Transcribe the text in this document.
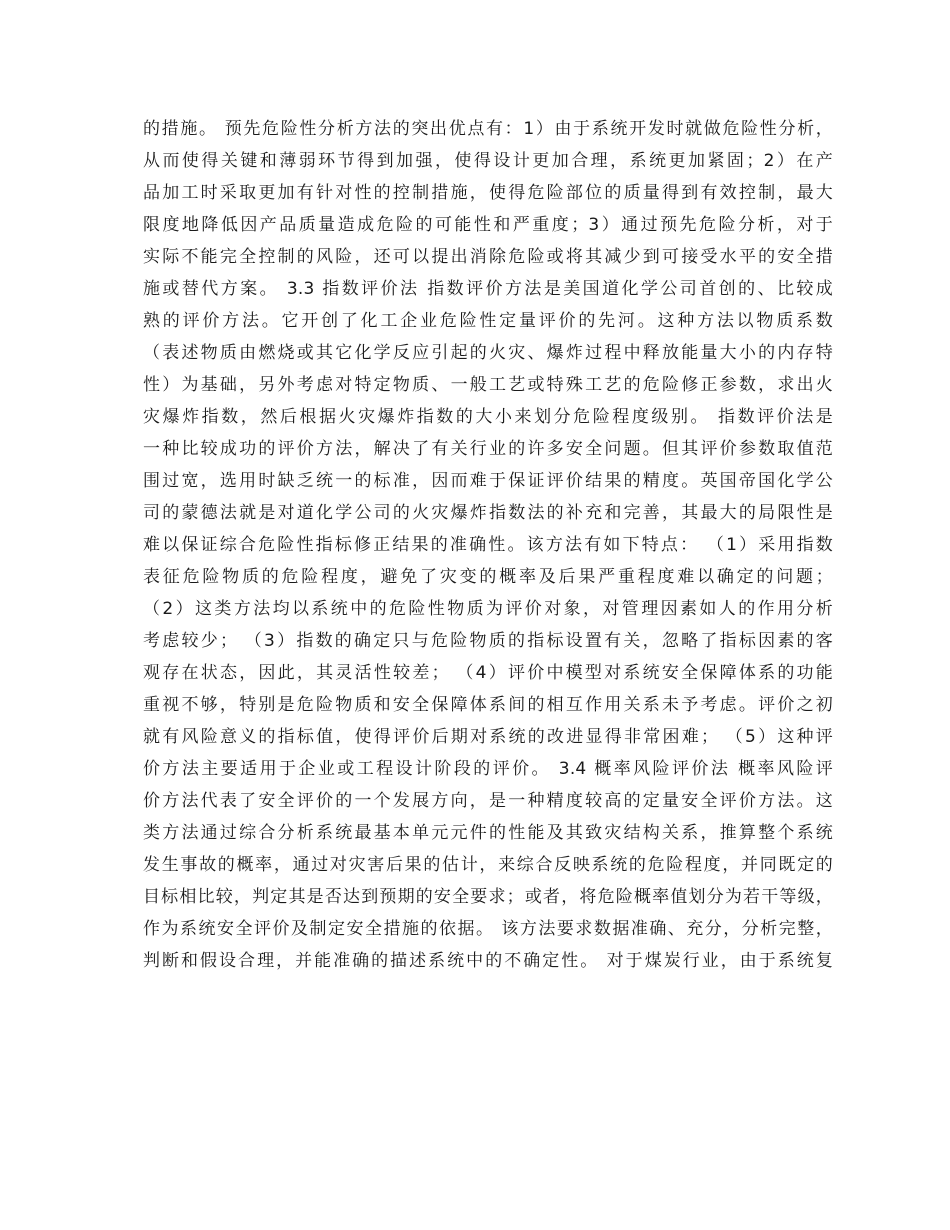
的措施。 预先危险性分析方法的突出优点有：1）由于系统开发时就做危险性分析，
从而使得关键和薄弱环节得到加强，使得设计更加合理，系统更加紧固；2）在产
品加工时采取更加有针对性的控制措施，使得危险部位的质量得到有效控制，最大
限度地降低因产品质量造成危险的可能性和严重度；3）通过预先危险分析，对于
实际不能完全控制的风险，还可以提出消除危险或将其减少到可接受水平的安全措
施或替代方案。 3.3 指数评价法 指数评价方法是美国道化学公司首创的、比较成
熟的评价方法。它开创了化工企业危险性定量评价的先河。这种方法以物质系数
（表述物质由燃烧或其它化学反应引起的火灾、爆炸过程中释放能量大小的内存特
性）为基础，另外考虑对特定物质、一般工艺或特殊工艺的危险修正参数，求出火
灾爆炸指数，然后根据火灾爆炸指数的大小来划分危险程度级别。 指数评价法是
一种比较成功的评价方法，解决了有关行业的许多安全问题。但其评价参数取值范
围过宽，选用时缺乏统一的标准，因而难于保证评价结果的精度。英国帝国化学公
司的蒙德法就是对道化学公司的火灾爆炸指数法的补充和完善，其最大的局限性是
难以保证综合危险性指标修正结果的准确性。该方法有如下特点： （1）采用指数
表征危险物质的危险程度，避免了灾变的概率及后果严重程度难以确定的问题；
（2）这类方法均以系统中的危险性物质为评价对象，对管理因素如人的作用分析
考虑较少； （3）指数的确定只与危险物质的指标设置有关，忽略了指标因素的客
观存在状态，因此，其灵活性较差； （4）评价中模型对系统安全保障体系的功能
重视不够，特别是危险物质和安全保障体系间的相互作用关系未予考虑。评价之初
就有风险意义的指标值，使得评价后期对系统的改进显得非常困难； （5）这种评
价方法主要适用于企业或工程设计阶段的评价。 3.4 概率风险评价法 概率风险评
价方法代表了安全评价的一个发展方向，是一种精度较高的定量安全评价方法。这
类方法通过综合分析系统最基本单元元件的性能及其致灾结构关系，推算整个系统
发生事故的概率，通过对灾害后果的估计，来综合反映系统的危险程度，并同既定的
目标相比较，判定其是否达到预期的安全要求；或者，将危险概率值划分为若干等级，
作为系统安全评价及制定安全措施的依据。 该方法要求数据准确、充分，分析完整，
判断和假设合理，并能准确的描述系统中的不确定性。 对于煤炭行业，由于系统复
